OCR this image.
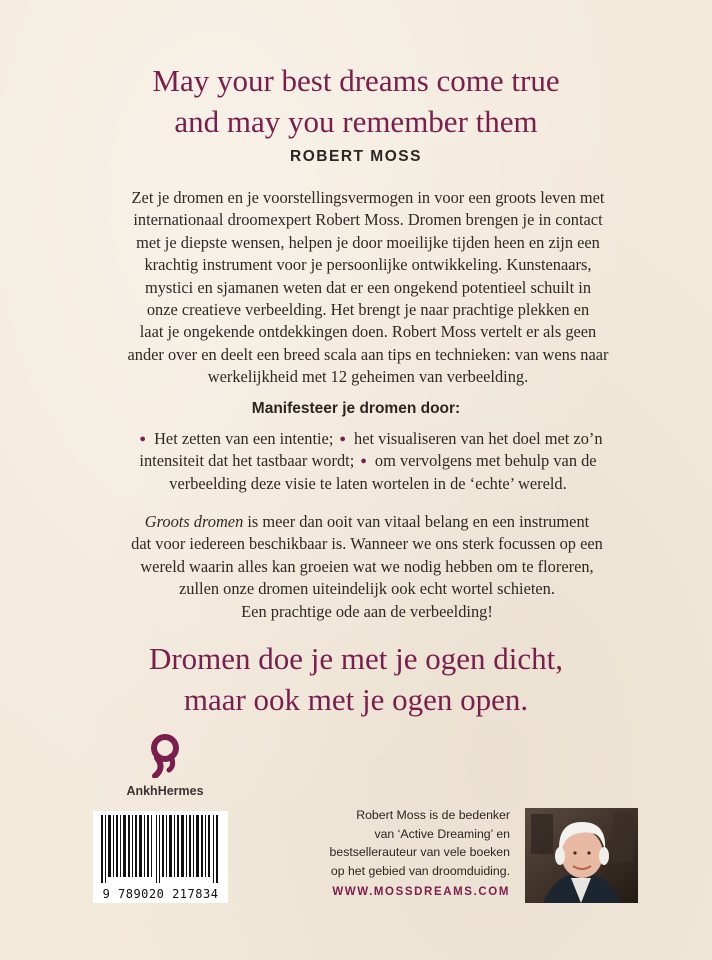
May your best dreams come true
and may you remember them
ROBERT MOSS
Zet je dromen en je voorstellingsvermogen in voor een groots leven met
internationaal droomexpert Robert Moss. Dromen brengen je in contact
met je diepste wensen, helpen je door moeilijke tijden heen en zijn een
krachtig instrument voor je persoonlijke ontwikkeling. Kunstenaars,
mystici en sjamanen weten dat er een ongekend potentieel schuilt in
onze creatieve verbeelding. Het brengt je naar prachtige plekken en
laat je ongekende ontdekkingen doen. Robert Moss vertelt er als geen
ander over en deelt een breed scala aan tips en technieken: van wens naar
werkelijkheid met 12 geheimen van verbeelding.
Manifesteer je dromen door:
● Het zetten van een intentie; ● het visualiseren van het doel met zo’n
intensiteit dat het tastbaar wordt; ● om vervolgens met behulp van de
verbeelding deze visie te laten wortelen in de ‘echte’ wereld.
Groots dromen is meer dan ooit van vitaal belang en een instrument
dat voor iedereen beschikbaar is. Wanneer we ons sterk focussen op een
wereld waarin alles kan groeien wat we nodig hebben om te floreren,
zullen onze dromen uiteindelijk ook echt wortel schieten.
Een prachtige ode aan de verbeelding!
Dromen doe je met je ogen dicht,
maar ook met je ogen open.
AnkhHermes
9 789020 217834
Robert Moss is de bedenker
van ‘Active Dreaming’ en
bestsellerauteur van vele boeken
op het gebied van droomduiding.
WWW.MOSSDREAMS.COM
